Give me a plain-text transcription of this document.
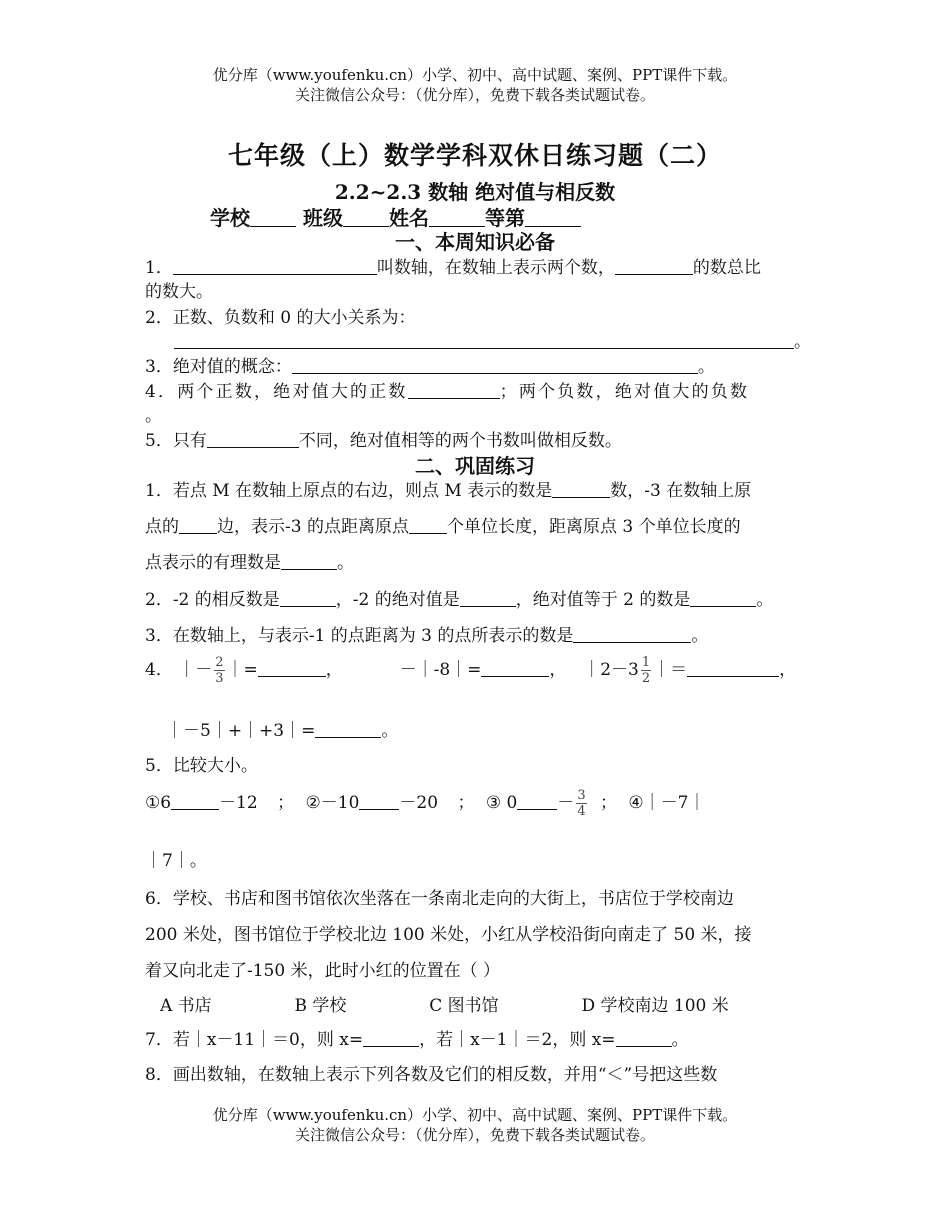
优分库（www.youfenku.cn）小学、初中、高中试题、案例、PPT课件下载。
关注微信公众号：（优分库），免费下载各类试题试卷。
七年级（上）数学学科双休日练习题（二）
2.2~2.3 数轴 绝对值与相反数
学校	班级 姓名	等第
一、本周知识必备
1．	叫数轴，在数轴上表示两个数，	的数总比
的数大。
2．正数、负数和 0 的大小关系为：
。
3．绝对值的概念：	。
4．两个正数，绝对值大的正数	；两个负数，绝对值大的负数
。
5．只有	不同，绝对值相等的两个书数叫做相反数。
二、巩固练习
1．若点 M 在数轴上原点的右边，则点 M 表示的数是	数，-3 在数轴上原
点的 边，表示-3 的点距离原点 个单位长度，距离原点 3 个单位长度的
点表示的有理数是	。
2．-2 的相反数是	，-2 的绝对值是	，绝对值等于 2 的数是	。
3．在数轴上，与表示-1 的点距离为 3 的点所表示的数是	。
4． ｜－ $\frac{2}{3}$ ｜=	，	－｜-8｜=	， ｜2－3 $\frac{1}{2}$ ｜＝	，
｜－5｜+｜+3｜=	。
5．比较大小。
①6	－12 ； ②－10 －20 ； ③ $0 - \frac{3}{4}$ ； ④｜－7｜
｜7｜。
6．学校、书店和图书馆依次坐落在一条南北走向的大街上，书店位于学校南边
200 米处，图书馆位于学校北边 100 米处，小红从学校沿街向南走了 50 米，接
着又向北走了-150 米，此时小红的位置在（ ）
A 书店	B 学校	C 图书馆	D 学校南边 100 米
7．若｜x－11｜＝0，则 x=	，若｜x－1｜＝2，则 x=	。
8．画出数轴，在数轴上表示下列各数及它们的相反数，并用“＜”号把这些数
优分库（www.youfenku.cn）小学、初中、高中试题、案例、PPT课件下载。
关注微信公众号：（优分库），免费下载各类试题试卷。
